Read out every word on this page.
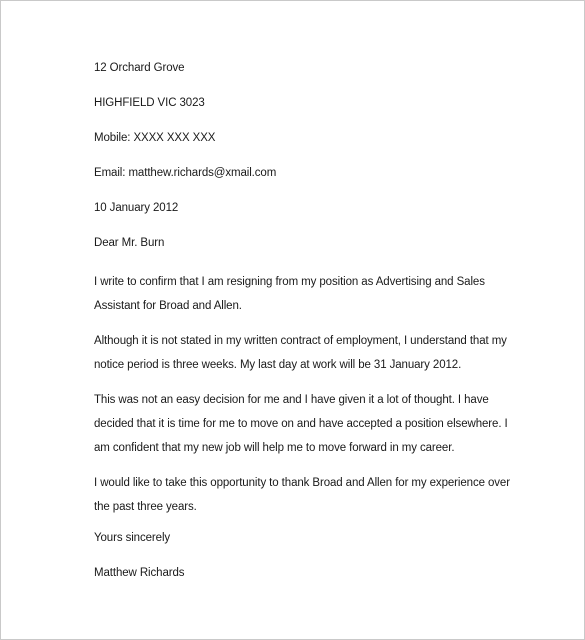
12 Orchard Grove
HIGHFIELD VIC 3023
Mobile: XXXX XXX XXX
Email: matthew.richards@xmail.com
10 January 2012
Dear Mr. Burn
I write to confirm that I am resigning from my position as Advertising and Sales
Assistant for Broad and Allen.
Although it is not stated in my written contract of employment, I understand that my
notice period is three weeks. My last day at work will be 31 January 2012.
This was not an easy decision for me and I have given it a lot of thought. I have
decided that it is time for me to move on and have accepted a position elsewhere. I
am confident that my new job will help me to move forward in my career.
I would like to take this opportunity to thank Broad and Allen for my experience over
the past three years.
Yours sincerely
Matthew Richards
